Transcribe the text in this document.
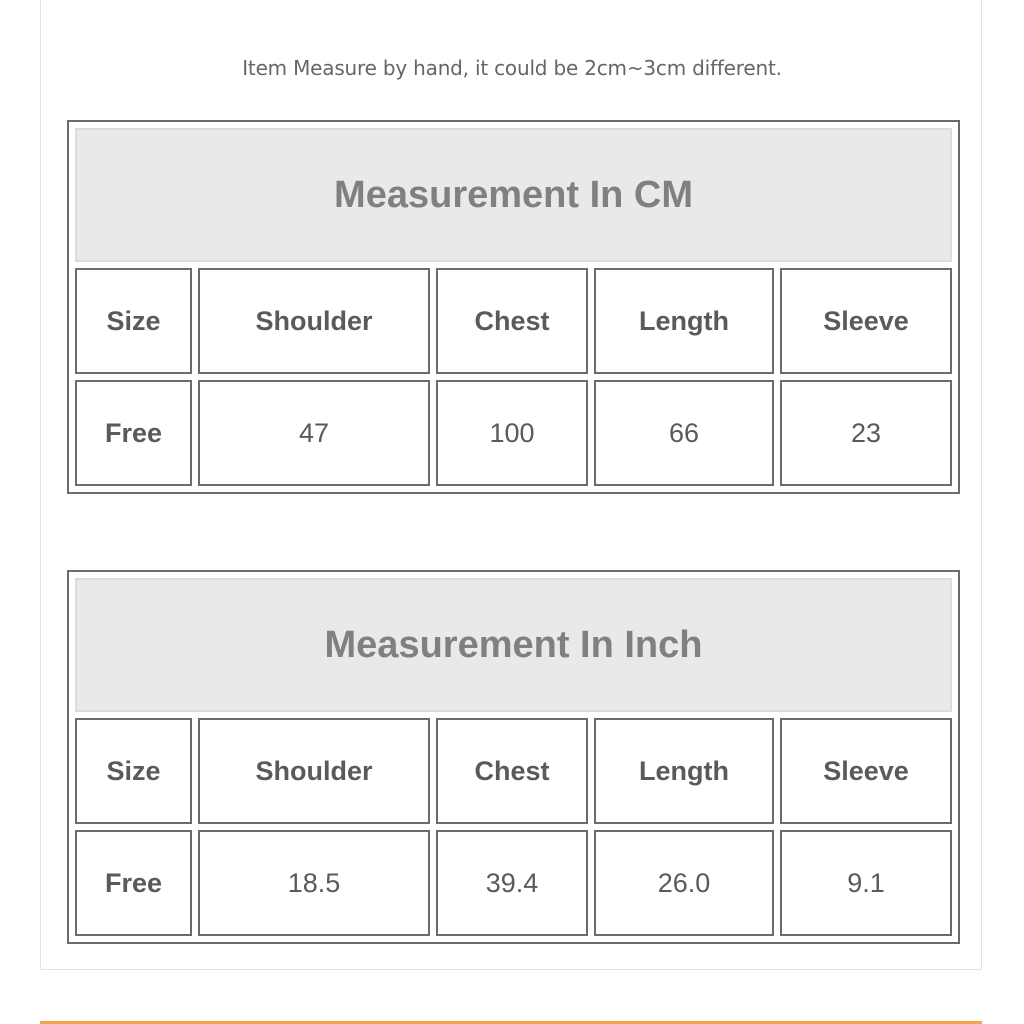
Item Measure by hand, it could be 2cm~3cm different.
Measurement In CM				
Size	Shoulder	Chest	Length	Sleeve
Free	47	100	66	23
Measurement In Inch				
Size	Shoulder	Chest	Length	Sleeve
Free	18.5	39.4	26.0	9.1
